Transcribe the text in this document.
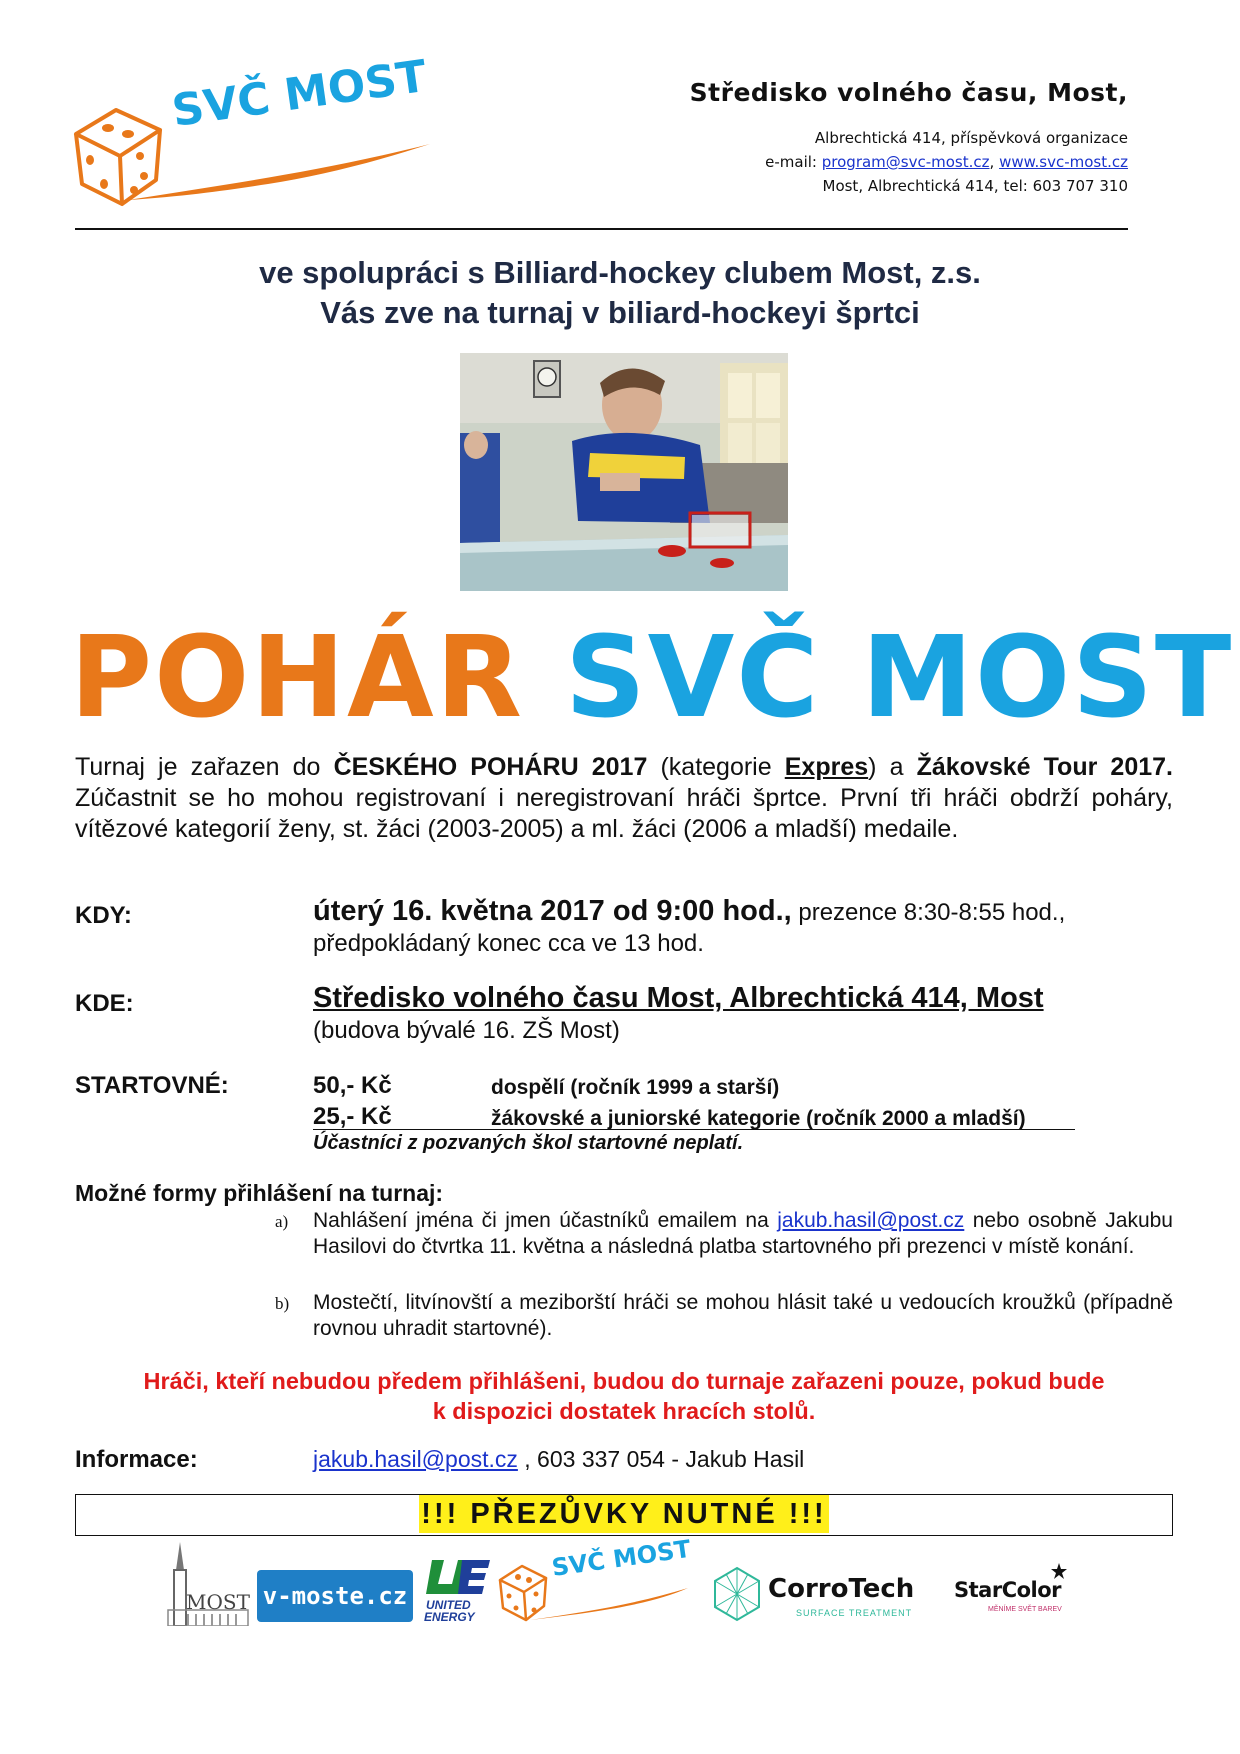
SVČ MOST	Středisko volného času, Most,
Albrechtická 414, příspěvková organizace
e-mail: program@svc-most.cz, www.svc-most.cz
Most, Albrechtická 414, tel: 603 707 310
ve spolupráci s Billiard-hockey clubem Most, z.s.
Vás zve na turnaj v biliard-hockeyi šprtci
POHÁR SVČ MOST
Turnaj je zařazen do ČESKÉHO POHÁRU 2017 (kategorie Expres) a Žákovské Tour 2017. Zúčastnit se ho mohou registrovaní i neregistrovaní hráči šprtce. První tři hráči obdrží poháry, vítězové kategorií ženy, st. žáci (2003-2005) a ml. žáci (2006 a mladší) medaile.
KDY:	úterý 16. května 2017 od 9:00 hod., prezence 8:30-8:55 hod.,
předpokládaný konec cca ve 13 hod.
KDE:	Středisko volného času Most, Albrechtická 414, Most
(budova bývalé 16. ZŠ Most)
STARTOVNÉ:	50,- Kč	dospělí (ročník 1999 a starší)
25,- Kč	žákovské a juniorské kategorie (ročník 2000 a mladší)
Účastníci z pozvaných škol startovné neplatí.
Možné formy přihlášení na turnaj:
a) Nahlášení jména či jmen účastníků emailem na jakub.hasil@post.cz nebo osobně Jakubu Hasilovi do čtvrtka 11. května a následná platba startovného při prezenci v místě konání.
b) Mostečtí, litvínovští a meziborští hráči se mohou hlásit také u vedoucích kroužků (případně rovnou uhradit startovné).
Hráči, kteří nebudou předem přihlášeni, budou do turnaje zařazeni pouze, pokud bude
k dispozici dostatek hracích stolů.
Informace:	jakub.hasil@post.cz , 603 337 054 - Jakub Hasil
!!! PŘEZŮVKY NUTNÉ !!!
MOST v-moste.cz	UNITED
ENERGY
SVČ MOST
CorroTech
SURFACE TREATMENT
StarColor
MĚNÍME SVĚT BAREV
